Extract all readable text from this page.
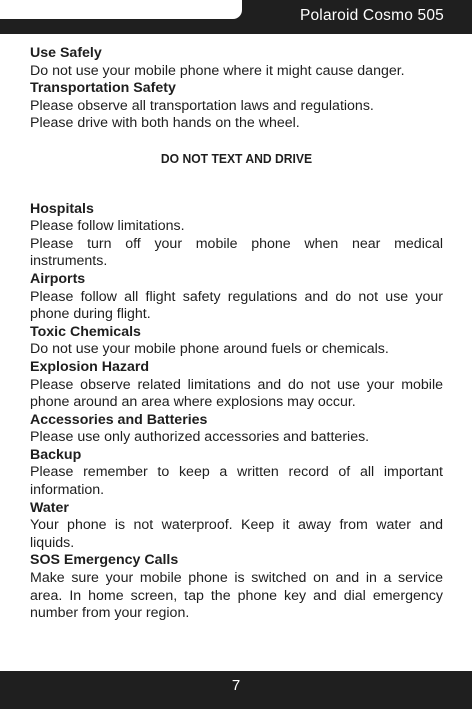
Polaroid Cosmo 505
Use Safely
Do not use your mobile phone where it might cause danger.
Transportation Safety
Please observe all transportation laws and regulations.
Please drive with both hands on the wheel.
DO NOT TEXT AND DRIVE
Hospitals
Please follow limitations.
Please turn off your mobile phone when near medical instruments.
Airports
Please follow all flight safety regulations and do not use your phone during flight.
Toxic Chemicals
Do not use your mobile phone around fuels or chemicals.
Explosion Hazard
Please observe related limitations and do not use your mobile phone around an area where explosions may occur.
Accessories and Batteries
Please use only authorized accessories and batteries.
Backup
Please remember to keep a written record of all important information.
Water
Your phone is not waterproof. Keep it away from water and liquids.
SOS Emergency Calls
Make sure your mobile phone is switched on and in a service area. In home screen, tap the phone key and dial emergency number from your region.
7
